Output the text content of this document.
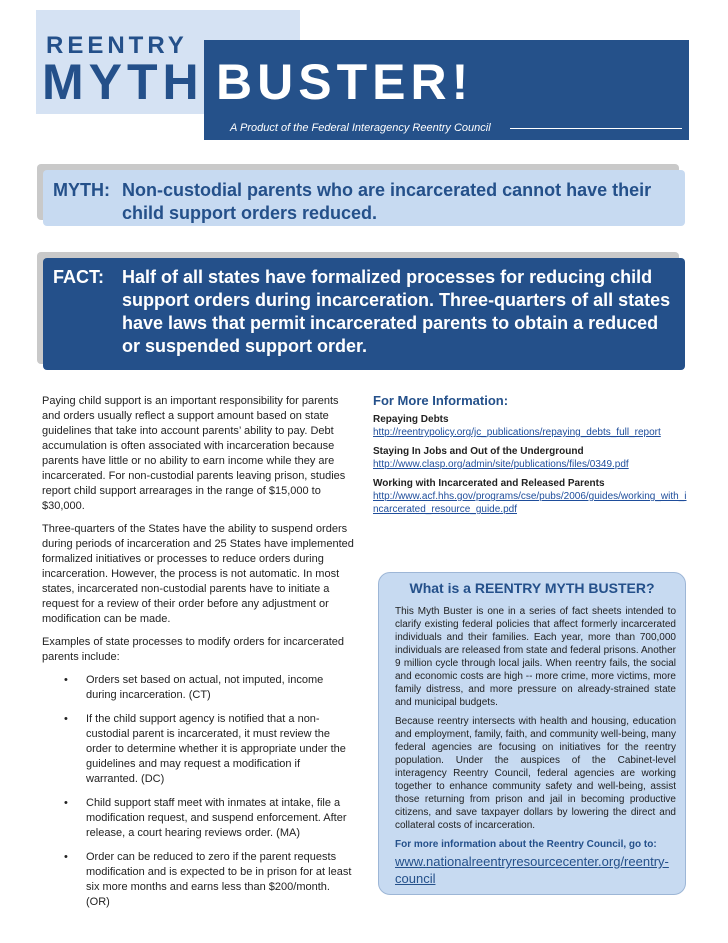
REENTRY
MYTH BUSTER!
A Product of the Federal Interagency Reentry Council
MYTH: Non-custodial parents who are incarcerated cannot have their child support orders reduced.
FACT: Half of all states have formalized processes for reducing child support orders during incarceration. Three-quarters of all states have laws that permit incarcerated parents to obtain a reduced or suspended support order.

Paying child support is an important responsibility for parents and orders usually reflect a support amount based on state guidelines that take into account parents’ ability to pay. Debt accumulation is often associated with incarceration because parents have little or no ability to earn income while they are incarcerated. For non-custodial parents leaving prison, studies report child support arrearages in the range of $15,000 to $30,000.

Three-quarters of the States have the ability to suspend orders during periods of incarceration and 25 States have implemented formalized initiatives or processes to reduce orders during incarceration. However, the process is not automatic. In most states, incarcerated non-custodial parents have to initiate a request for a review of their order before any adjustment or modification can be made.

Examples of state processes to modify orders for incarcerated parents include:

• Orders set based on actual, not imputed, income during incarceration. (CT)
• If the child support agency is notified that a non-custodial parent is incarcerated, it must review the order to determine whether it is appropriate under the guidelines and may request a modification if warranted. (DC)
• Child support staff meet with inmates at intake, file a modification request, and suspend enforcement. After release, a court hearing reviews order. (MA)
• Order can be reduced to zero if the parent requests modification and is expected to be in prison for at least six more months and earns less than $200/month. (OR)
For More Information:
Repaying Debts
http://reentrypolicy.org/jc_publications/repaying_debts_full_report
Staying In Jobs and Out of the Underground
http://www.clasp.org/admin/site/publications/files/0349.pdf
Working with Incarcerated and Released Parents
http://www.acf.hhs.gov/programs/cse/pubs/2006/guides/working_with_incarcerated_resource_guide.pdf
What is a REENTRY MYTH BUSTER?

This Myth Buster is one in a series of fact sheets intended to clarify existing federal policies that affect formerly incarcerated individuals and their families. Each year, more than 700,000 individuals are released from state and federal prisons. Another 9 million cycle through local jails. When reentry fails, the social and economic costs are high -- more crime, more victims, more family distress, and more pressure on already-strained state and municipal budgets.

Because reentry intersects with health and housing, education and employment, family, faith, and community well-being, many federal agencies are focusing on initiatives for the reentry population. Under the auspices of the Cabinet-level interagency Reentry Council, federal agencies are working together to enhance community safety and well-being, assist those returning from prison and jail in becoming productive citizens, and save taxpayer dollars by lowering the direct and collateral costs of incarceration.

For more information about the Reentry Council, go to:

www.nationalreentryresourcecenter.org/reentry-council
